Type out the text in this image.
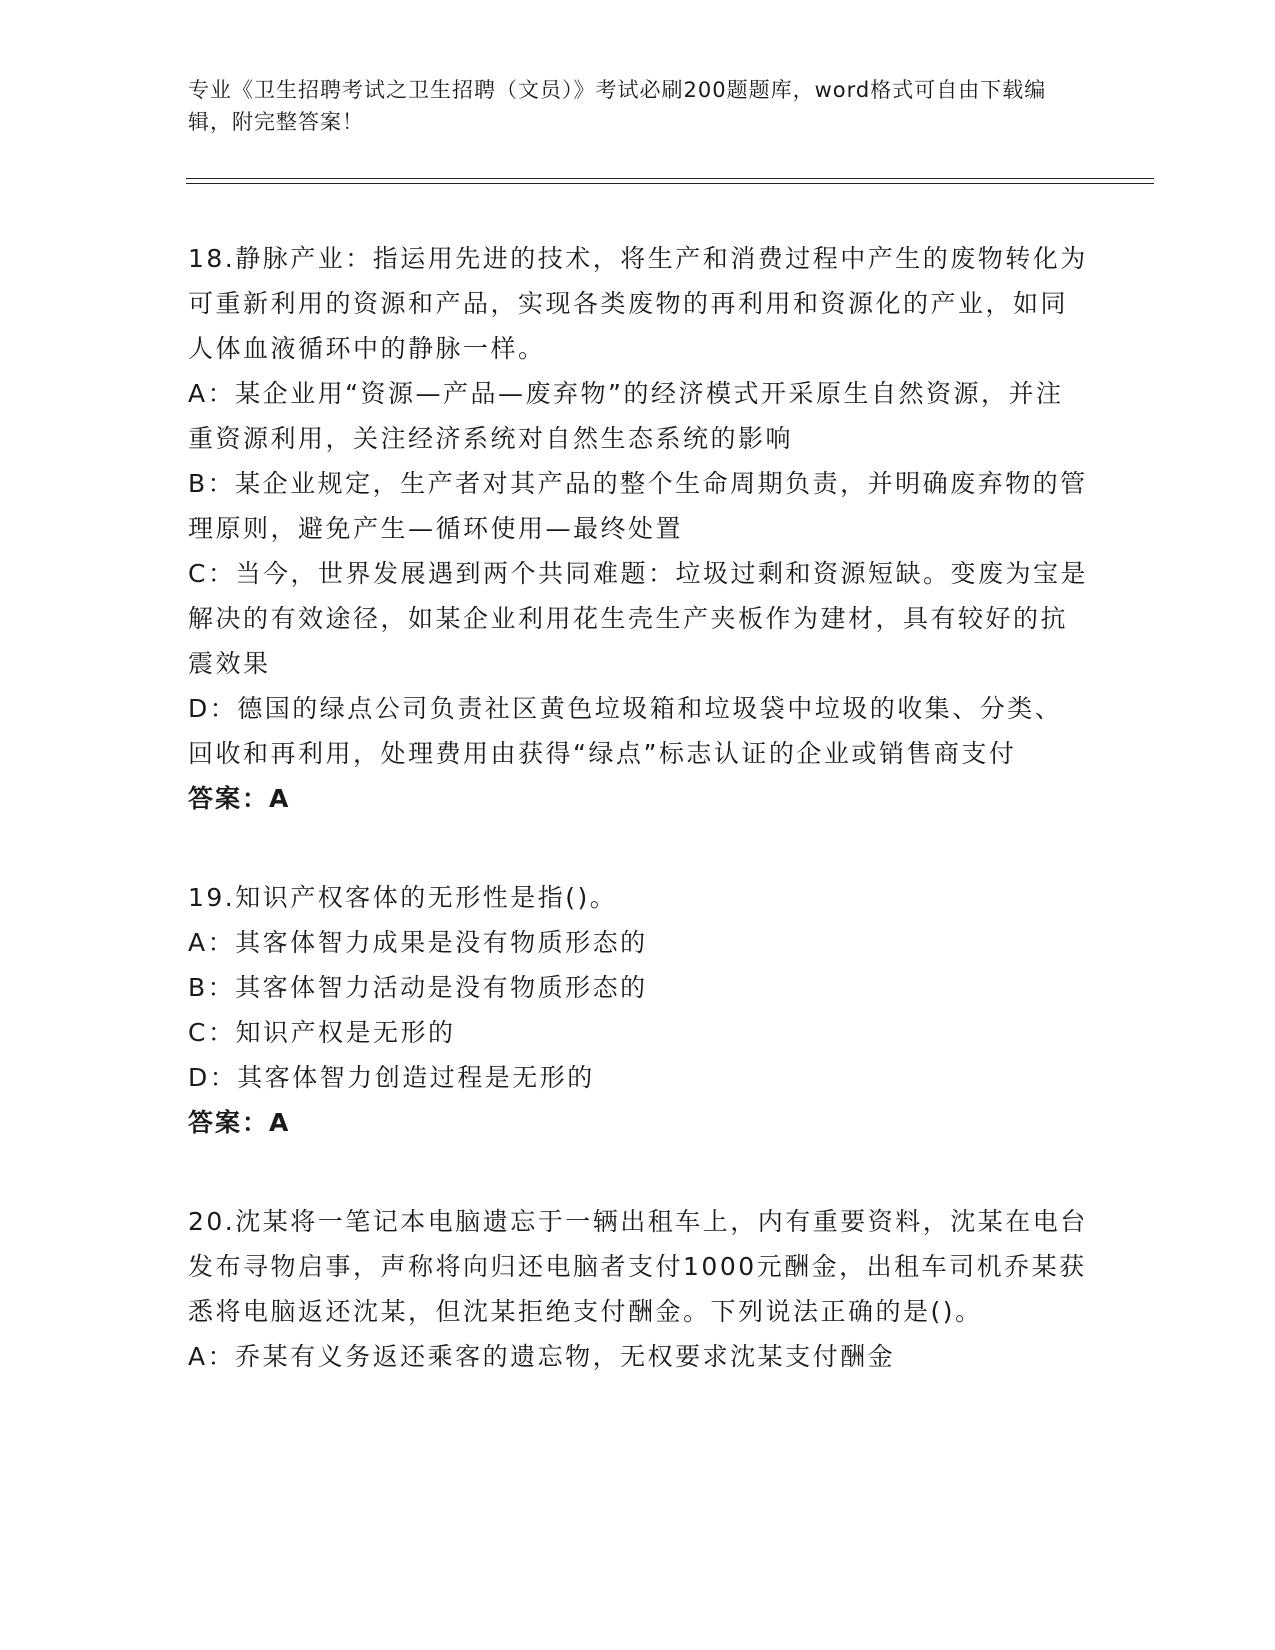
专业《卫生招聘考试之卫生招聘（文员）》考试必刷200题题库，word格式可自由下载编辑，附完整答案！
18.静脉产业：指运用先进的技术，将生产和消费过程中产生的废物转化为可重新利用的资源和产品，实现各类废物的再利用和资源化的产业，如同人体血液循环中的静脉一样。
A：某企业用“资源—产品—废弃物”的经济模式开采原生自然资源，并注重资源利用，关注经济系统对自然生态系统的影响
B：某企业规定，生产者对其产品的整个生命周期负责，并明确废弃物的管理原则，避免产生—循环使用—最终处置
C：当今，世界发展遇到两个共同难题：垃圾过剩和资源短缺。变废为宝是解决的有效途径，如某企业利用花生壳生产夹板作为建材，具有较好的抗震效果
D：德国的绿点公司负责社区黄色垃圾箱和垃圾袋中垃圾的收集、分类、回收和再利用，处理费用由获得“绿点”标志认证的企业或销售商支付
答案：A
19.知识产权客体的无形性是指()。
A：其客体智力成果是没有物质形态的
B：其客体智力活动是没有物质形态的
C：知识产权是无形的
D：其客体智力创造过程是无形的
答案：A
20.沈某将一笔记本电脑遗忘于一辆出租车上，内有重要资料，沈某在电台发布寻物启事，声称将向归还电脑者支付1000元酬金，出租车司机乔某获悉将电脑返还沈某，但沈某拒绝支付酬金。下列说法正确的是()。
A：乔某有义务返还乘客的遗忘物，无权要求沈某支付酬金
